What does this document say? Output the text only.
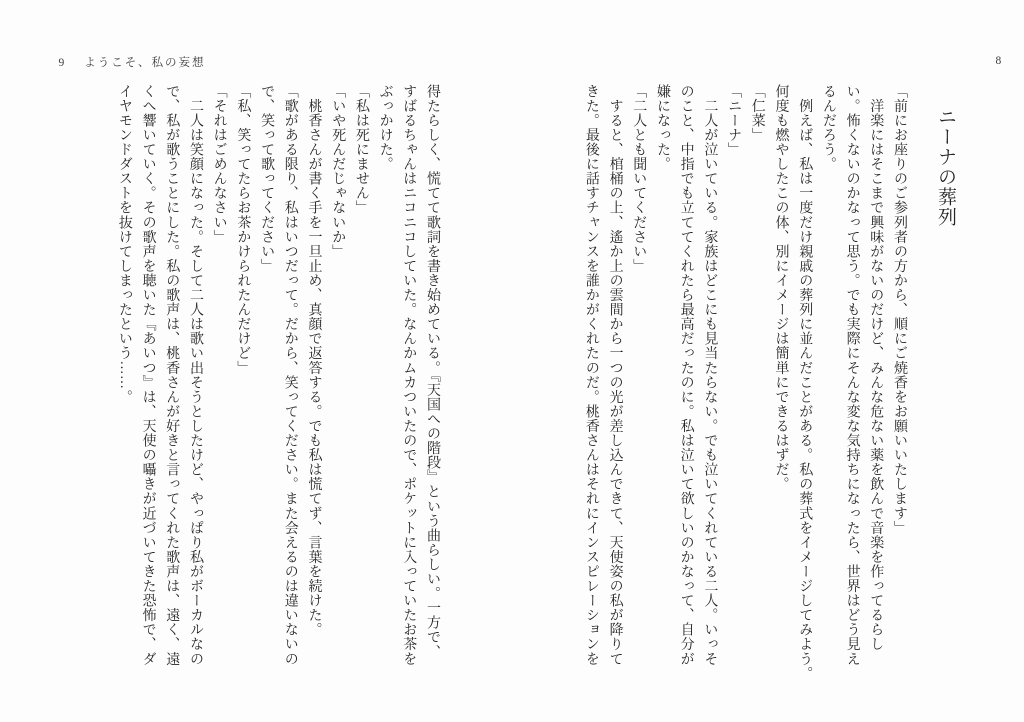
9 ようこそ、私の妄想
	8

ニーナの葬列

「前にお座りのご参列者の方から、順にご焼香をお願いいたします」

　洋楽にはそこまで興味がないのだけど、みんな危ない薬を飲んで音楽を作ってるらし

い。怖くないのかなって思う。でも実際にそんな変な気持ちになったら、世界はどう見え

るんだろう。

　例えば、私は一度だけ親戚の葬列に並んだことがある。私の葬式をイメージしてみよう。

何度も燃やしたこの体、別にイメージは簡単にできるはずだ。

「仁菜」

「ニーナ」

　二人が泣いている。家族はどこにも見当たらない。でも泣いてくれている二人。いっそ

のこと、中指でも立ててくれたら最高だったのに。私は泣いて欲しいのかなって、自分が

嫌になった。

「二人とも聞いてください」

　すると、棺桶の上、遙か上の雲間から一つの光が差し込んできて、天使姿の私が降りて

きた。最後に話すチャンスを誰かがくれたのだ。桃香さんはそれにインスピレーションを

得たらしく、慌てて歌詞を書き始めている。『天国への階段』という曲らしい。一方で、

すばるちゃんはニコニコしていた。なんかムカついたので、ポケットに入っていたお茶を

ぶっかけた。

「私は死にません」

「いや死んだじゃないか」

　桃香さんが書く手を一旦止め、真顔で返答する。でも私は慌てず、言葉を続けた。

「歌がある限り、私はいつだって。だから、笑ってください。また会えるのは違いないの

で、笑って歌ってください」

「私、笑ってたらお茶かけられたんだけど」

「それはごめんなさい」

　二人は笑顔になった。そして二人は歌い出そうとしたけど、やっぱり私がボーカルなの

で、私が歌うことにした。私の歌声は、桃香さんが好きと言ってくれた歌声は、遠く、遠

くへ響いていく。その歌声を聴いた『あいつ』は、天使の囁きが近づいてきた恐怖で、ダ

イヤモンドダストを抜けてしまったという……。
